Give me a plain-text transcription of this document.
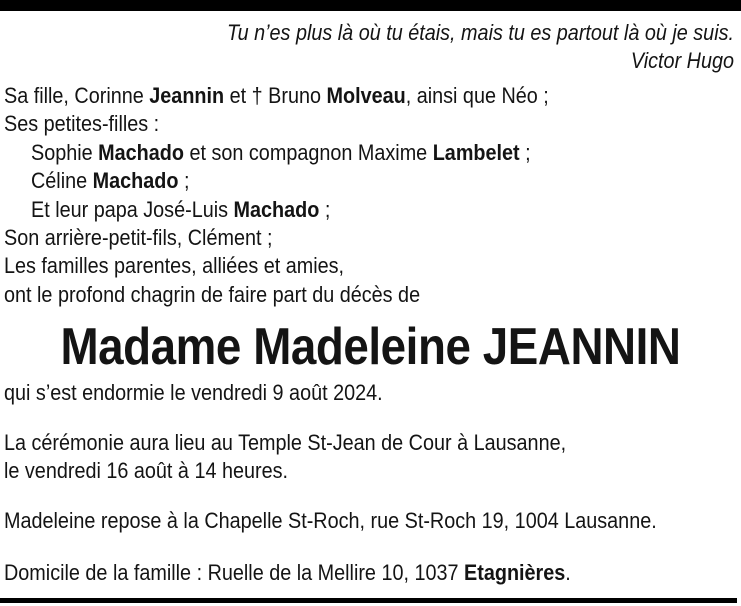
Tu n’es plus là où tu étais, mais tu es partout là où je suis.
Victor Hugo
Sa fille, Corinne Jeannin et † Bruno Molveau, ainsi que Néo ;
Ses petites-filles :
Sophie Machado et son compagnon Maxime Lambelet ;
Céline Machado ;
Et leur papa José-Luis Machado ;
Son arrière-petit-fils, Clément ;
Les familles parentes, alliées et amies,
ont le profond chagrin de faire part du décès de
Madame Madeleine JEANNIN
qui s’est endormie le vendredi 9 août 2024.
La cérémonie aura lieu au Temple St-Jean de Cour à Lausanne,
le vendredi 16 août à 14 heures.
Madeleine repose à la Chapelle St-Roch, rue St-Roch 19, 1004 Lausanne.
Domicile de la famille : Ruelle de la Mellire 10, 1037 Etagnières.
